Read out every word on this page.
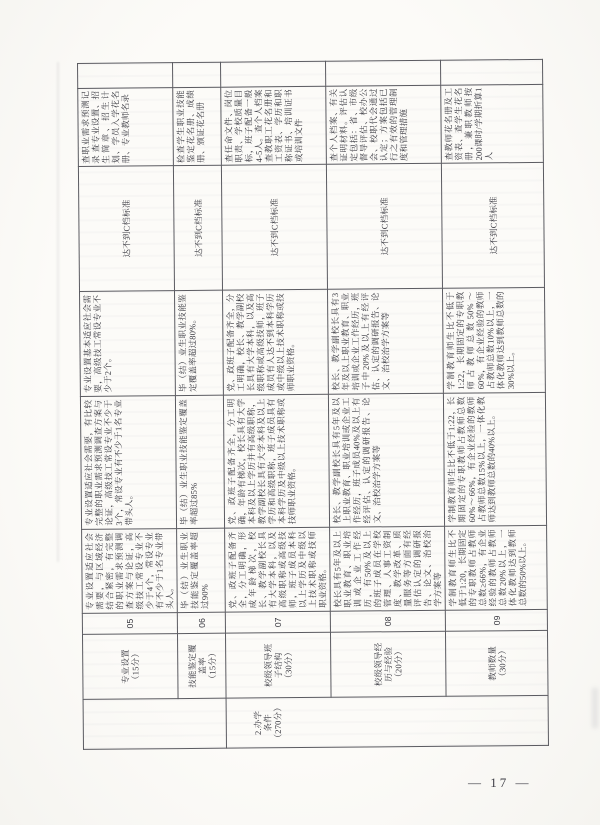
	专业设置
（15分）	05	专业设置适应社会需要，与区域经济结合紧密，有完整的职业需求预测调查方案与论证，高级技工常设专业不少于4个，常设专业有不少于1名专业带头人。	专业设置适应社会需要，有比较完整的职业需求预测调查方案与论证，高级技工常设专业不少于3个，常设专业有不少于1名专业带头人。	专业设置基本适应社会需要，高级技工常设专业不少于2个。	达不到C档标准	查职业需求预测记录 查专业设置、招生简章、招生计划、学员入学花名册、专业教师名录	
	技能鉴定覆
盖率
（15分）	06	毕（结）业生职业技能鉴定覆盖率超过90%	毕（结）业生职业技能鉴定覆盖率超过85%	毕（结）业生职业技能鉴定覆盖率超过80%。	达不到C档标准	检查学生职业技能鉴定花名册、成绩册、颁证花名册	
2.办学
条件
（270分）	校级领导班
子结构
（30分）	07	党、政班子配备齐全，分工明确，形成年龄梯次，校长、教学副校长具有大学本科，以及高级职称或高级技师，班子成员本科以上学历及中级以上技术职称或技师职业资格。	党、政班子配备齐全，分工明确，年龄有梯次，校长具有大学本科及以上学历并有高级职称，教学副校长具有大学本科及以上学历和高级职称，班子成员具有本科学历及中级以上技术职称或技师职业资格。	党、政班子配备齐全，分工明确，校长、教学副校长具有大学本科，以及高级职称或高级技师，班子成员有人达不到本科学历或中级以上技术职称或技师职业资格。	达不到C档标准	查任命文件、岗位职责、学校质量目标，班子配备一般4-5人。查个人档案 查教职工花名册和工资表、学历和职称证书、培训证书或培训文件	
	校级领导经
历与经验
（20分）	08	校长具有5年及以上职业教育、职业培训或企业工作经历，有50%及以上的班子成员在学校管理、人事工资制度、教学改革、质量服务等方面有经评估认定的调研报告、论文、治校治学方案等	校长、教学副校长具有5年及以上职业教育、职业培训或企业工作经历，班子成员40%及以上有经评估、认定的调研报告、论文、治校治学方案等	校长、教学副校长具有3年及以上职业教育、职业培训或企业工作经历，班子中20%及以上有经评估、认定的调研报告、论文、治校治学方案等	达不到C档标准	查个人档案、有关证明材料。评估认定包括：省、市级督导评估、校办公会、校职代会通过认定；方案包括已行之有效的管理制度和管理措施	
	教师数量
（30分）	09	学制教育师生比不低于1:20，长期固定的专职教师占教师总数≥66%，有企业经验的教师占教师总数20%以上，一体化教师达到教师总数的50%以上。	学制教育师生比不低于1:22，长期固定的专职教师占教师总数60%～66%，有企业经验的教师占教师总数15%以上，一体化教师达到教师总数的40%以上。	学制教育师生比不低于1:22，长期固定的专职教师占教师总数50%～60%，有企业经验的教师占教师总数10%以上，一体化教师达到教师总数的30%以上。	达不到C档标准	查教师花名册及工资表、查学生花名册，兼职教师按200课时/学期折算1人	
— 17 —
